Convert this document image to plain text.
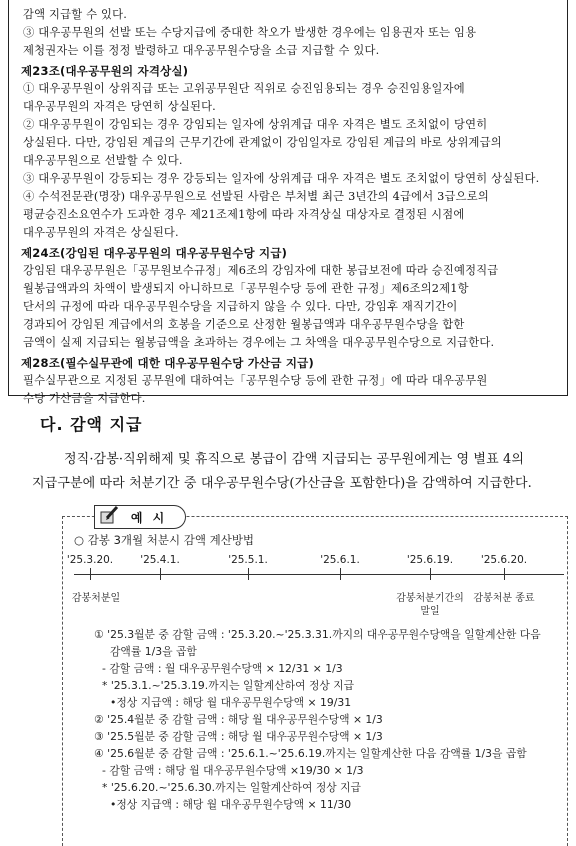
감액 지급할 수 있다.

③ 대우공무원의 선발 또는 수당지급에 중대한 착오가 발생한 경우에는 임용권자 또는 임용

제청권자는 이를 정정 발령하고 대우공무원수당을 소급 지급할 수 있다.

제23조(대우공무원의 자격상실)

① 대우공무원이 상위직급 또는 고위공무원단 직위로 승진임용되는 경우 승진임용일자에

대우공무원의 자격은 당연히 상실된다.

② 대우공무원이 강임되는 경우 강임되는 일자에 상위계급 대우 자격은 별도 조치없이 당연히

상실된다. 다만, 강임된 계급의 근무기간에 관계없이 강임일자로 강임된 계급의 바로 상위계급의

대우공무원으로 선발할 수 있다.

③ 대우공무원이 강등되는 경우 강등되는 일자에 상위계급 대우 자격은 별도 조치없이 당연히 상실된다.

④ 수석전문관(명장) 대우공무원으로 선발된 사람은 부처별 최근 3년간의 4급에서 3급으로의

평균승진소요연수가 도과한 경우 제21조제1항에 따라 자격상실 대상자로 결정된 시점에

대우공무원의 자격은 상실된다.

제24조(강임된 대우공무원의 대우공무원수당 지급)

강임된 대우공무원은「공무원보수규정」제6조의 강임자에 대한 봉급보전에 따라 승진예정직급

월봉급액과의 차액이 발생되지 아니하므로「공무원수당 등에 관한 규정」제6조의2제1항

단서의 규정에 따라 대우공무원수당을 지급하지 않을 수 있다. 다만, 강임후 재직기간이

경과되어 강임된 계급에서의 호봉을 기준으로 산정한 월봉급액과 대우공무원수당을 합한

금액이 실제 지급되는 월봉급액을 초과하는 경우에는 그 차액을 대우공무원수당으로 지급한다.

제28조(필수실무관에 대한 대우공무원수당 가산금 지급)

필수실무관으로 지정된 공무원에 대하여는「공무원수당 등에 관한 규정」에 따라 대우공무원

수당 가산금을 지급한다.

다. 감액 지급

정직·감봉·직위해제 및 휴직으로 봉급이 감액 지급되는 공무원에게는 영 별표 4의

지급구분에 따라 처분기간 중 대우공무원수당(가산금을 포함한다)을 감액하여 지급한다.

예 시
○ 감봉 3개월 처분시 감액 계산방법
'25.3.20.	'25.4.1.	'25.5.1.	'25.6.1.	'25.6.19.	'25.6.20.
감봉처분일	감봉처분기간의
말일
감봉처분 종료

① '25.3월분 중 감할 금액 : '25.3.20.~'25.3.31.까지의 대우공무원수당액을 일할계산한 다음

감액률 1/3을 곱함

- 감할 금액 : 월 대우공무원수당액 × 12/31 × 1/3

* '25.3.1.~'25.3.19.까지는 일할계산하여 정상 지급

•정상 지급액 : 해당 월 대우공무원수당액 × 19/31

② '25.4월분 중 감할 금액 : 해당 월 대우공무원수당액 × 1/3

③ '25.5월분 중 감할 금액 : 해당 월 대우공무원수당액 × 1/3

④ '25.6월분 중 감할 금액 : '25.6.1.~'25.6.19.까지는 일할계산한 다음 감액률 1/3을 곱함

- 감할 금액 : 해당 월 대우공무원수당액 ×19/30 × 1/3

* '25.6.20.~'25.6.30.까지는 일할계산하여 정상 지급

•정상 지급액 : 해당 월 대우공무원수당액 × 11/30
